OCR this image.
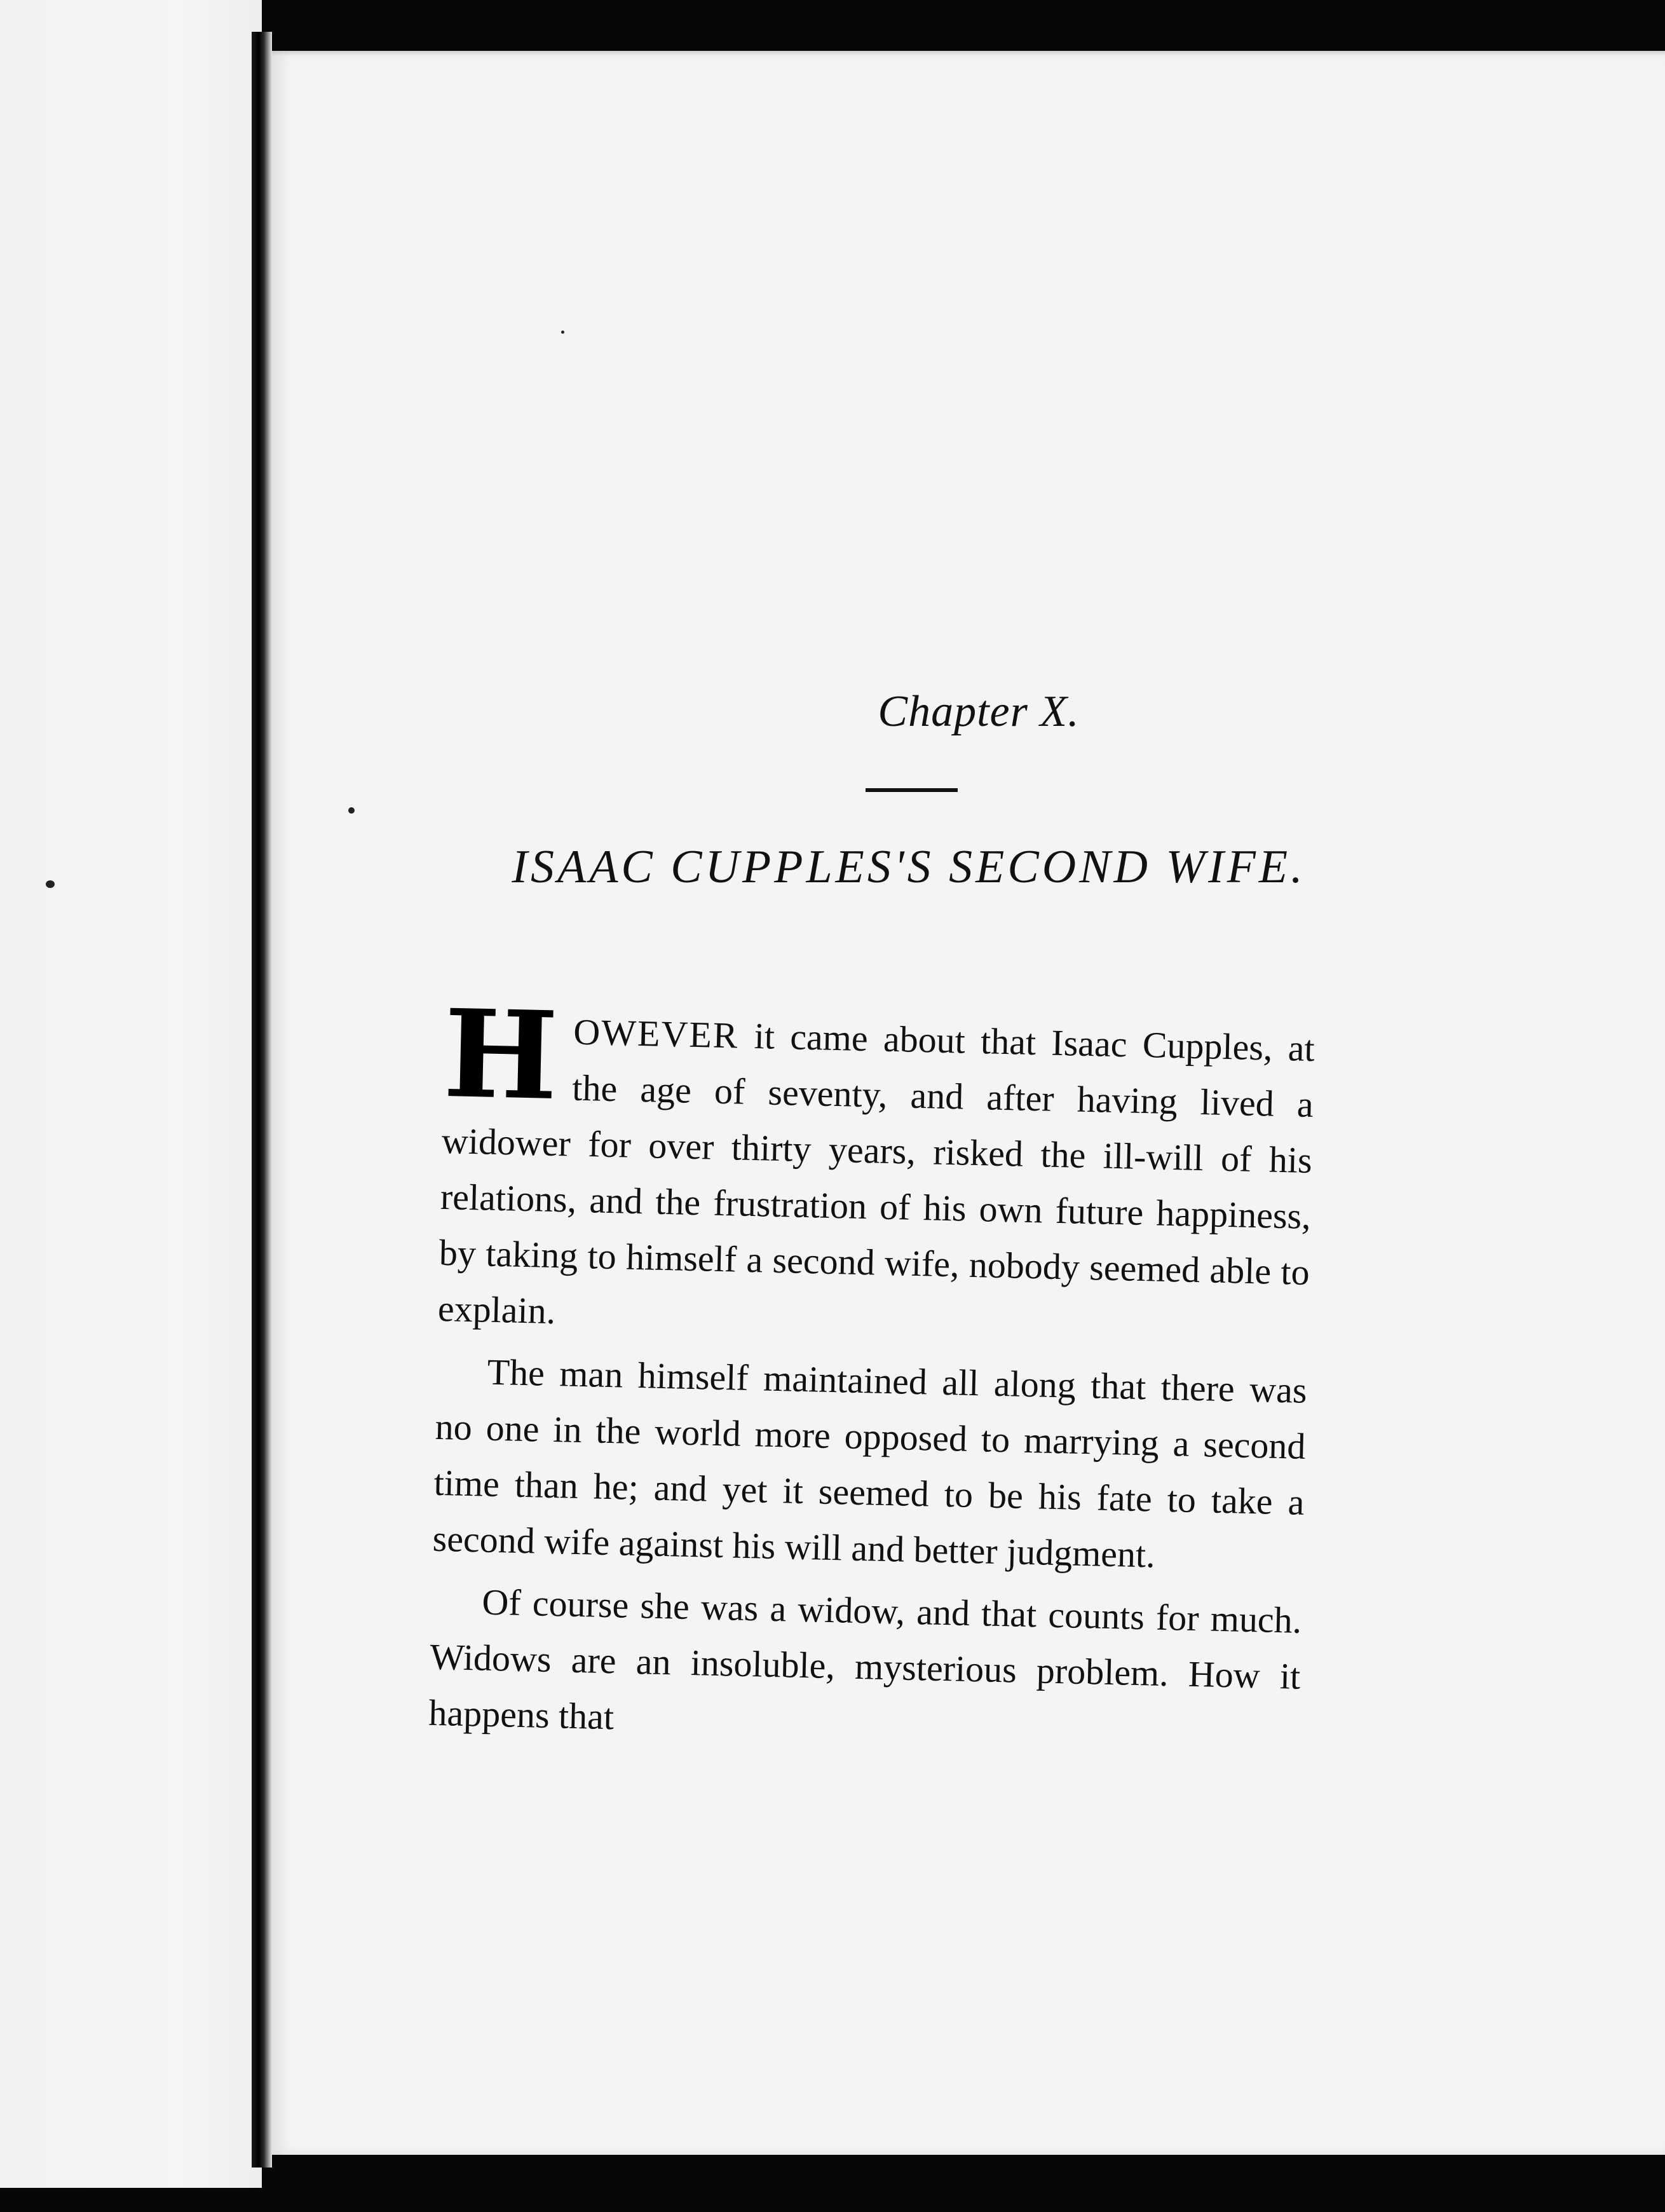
Chapter X.
ISAAC CUPPLES'S SECOND WIFE.

HOWEVER it came about that Isaac Cupples, at the age of seventy, and after having lived a widower for over thirty years, risked the ill-will of his relations, and the frustration of his own future happiness, by taking to himself a second wife, nobody seemed able to explain.

The man himself maintained all along that there was no one in the world more opposed to marrying a second time than he; and yet it seemed to be his fate to take a second wife against his will and better judgment.

Of course she was a widow, and that counts for much. Widows are an insoluble, mysterious problem. How it happens that
